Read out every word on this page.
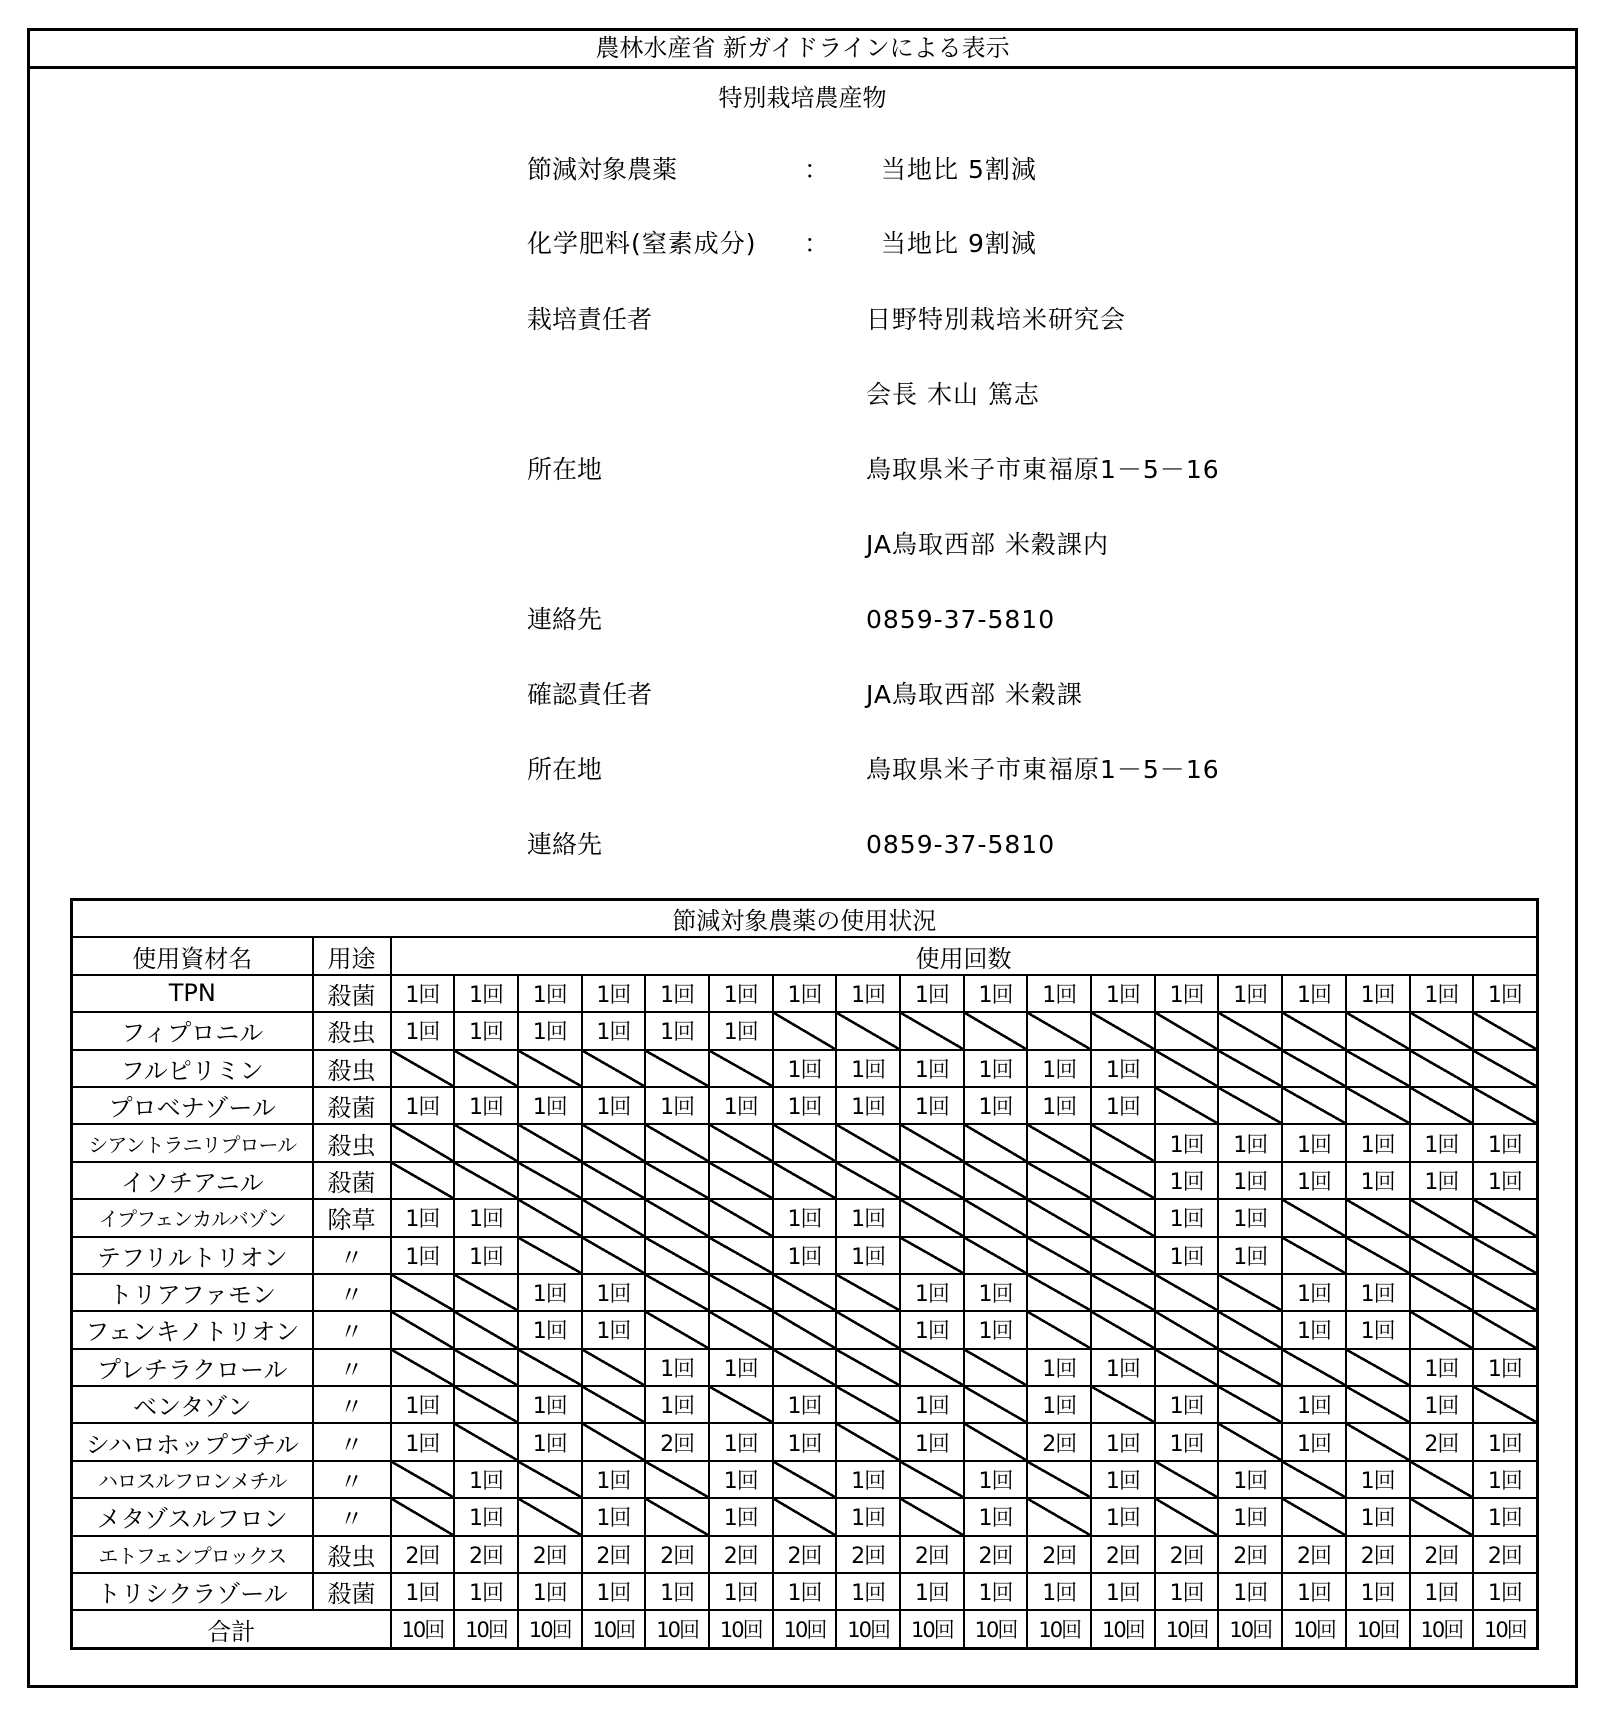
農林水産省 新ガイドラインによる表示
特別栽培農産物
節減対象農薬	： 当地比 5割減
化学肥料(窒素成分)	： 当地比 9割減
栽培責任者	日野特別栽培米研究会
会長 木山 篤志
所在地	鳥取県米子市東福原1－5－16
JA鳥取西部 米穀課内
連絡先	0859-37-5810
確認責任者	JA鳥取西部 米穀課
所在地	鳥取県米子市東福原1－5－16
連絡先	0859-37-5810
節減対象農薬の使用状況																			
使用資材名	用途	使用回数																	
TPN	殺菌	1回	1回	1回	1回	1回	1回	1回	1回	1回	1回	1回	1回	1回	1回	1回	1回	1回	1回
フィプロニル	殺虫	1回	1回	1回	1回	1回	1回												
フルピリミン	殺虫							1回	1回	1回	1回	1回	1回						
プロベナゾール	殺菌	1回	1回	1回	1回	1回	1回	1回	1回	1回	1回	1回	1回						
シアントラニリプロール	殺虫													1回	1回	1回	1回	1回	1回
イソチアニル	殺菌													1回	1回	1回	1回	1回	1回
イプフェンカルバゾン	除草	1回	1回					1回	1回					1回	1回				
テフリルトリオン	〃	1回	1回					1回	1回					1回	1回				
トリアファモン	〃			1回	1回					1回	1回					1回	1回		
フェンキノトリオン	〃			1回	1回					1回	1回					1回	1回		
プレチラクロール	〃					1回	1回					1回	1回					1回	1回
ベンタゾン	〃	1回		1回		1回		1回		1回		1回		1回		1回		1回	
シハロホップブチル	〃	1回		1回		2回	1回	1回		1回		2回	1回	1回		1回		2回	1回
ハロスルフロンメチル	〃		1回		1回		1回		1回		1回		1回		1回		1回		1回
メタゾスルフロン	〃		1回		1回		1回		1回		1回		1回		1回		1回		1回
エトフェンプロックス	殺虫	2回	2回	2回	2回	2回	2回	2回	2回	2回	2回	2回	2回	2回	2回	2回	2回	2回	2回
トリシクラゾール	殺菌	1回	1回	1回	1回	1回	1回	1回	1回	1回	1回	1回	1回	1回	1回	1回	1回	1回	1回
合計		10回	10回	10回	10回	10回	10回	10回	10回	10回	10回	10回	10回	10回	10回	10回	10回	10回	10回
